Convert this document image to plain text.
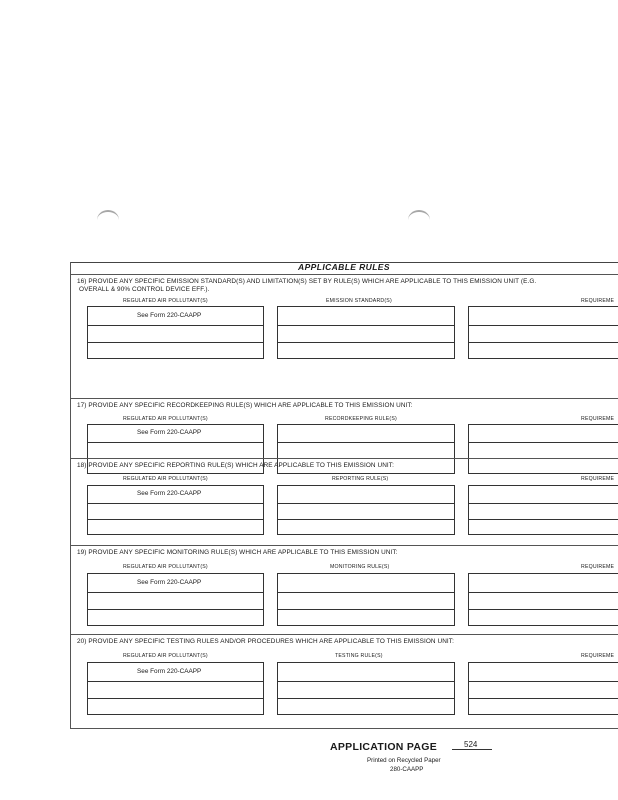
APPLICABLE RULES
16) PROVIDE ANY SPECIFIC EMISSION STANDARD(S) AND LIMITATION(S) SET BY RULE(S) WHICH ARE APPLICABLE TO THIS EMISSION UNIT (E.G.
OVERALL & 90% CONTROL DEVICE EFF.).
REGULATED AIR POLLUTANT(S)	EMISSION STANDARD(S)	REQUIREME
See Form 220-CAAPP
17) PROVIDE ANY SPECIFIC RECORDKEEPING RULE(S) WHICH ARE APPLICABLE TO THIS EMISSION UNIT:
REGULATED AIR POLLUTANT(S)	RECORDKEEPING RULE(S)	REQUIREME
See Form 220-CAAPP
18) PROVIDE ANY SPECIFIC REPORTING RULE(S) WHICH ARE APPLICABLE TO THIS EMISSION UNIT:
REGULATED AIR POLLUTANT(S)	REPORTING RULE(S)	REQUIREME
See Form 220-CAAPP
19) PROVIDE ANY SPECIFIC MONITORING RULE(S) WHICH ARE APPLICABLE TO THIS EMISSION UNIT:
REGULATED AIR POLLUTANT(S)	MONITORING RULE(S)	REQUIREME
See Form 220-CAAPP
20) PROVIDE ANY SPECIFIC TESTING RULES AND/OR PROCEDURES WHICH ARE APPLICABLE TO THIS EMISSION UNIT:
REGULATED AIR POLLUTANT(S)	TESTING RULE(S)	REQUIREME
See Form 220-CAAPP
APPLICATION PAGE	524
Printed on Recycled Paper
280-CAAPP
